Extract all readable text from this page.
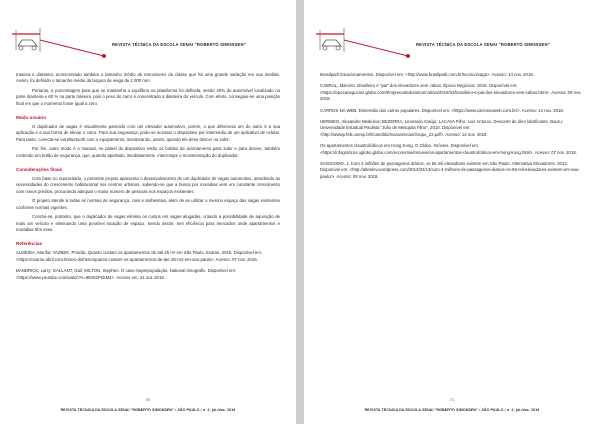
REVISTA TÉCNICA DA ESCOLA SENAI "ROBERTO SIMONSEN"

traseira e dianteira, acrescentado também o tamanho médio de retrovisores da classe que há uma grande variação em sua medida. Assim, foi definido o tamanho médio da largura de veiga de 2 000 mm.

Portanto, a porcentagem para que se mantenha o equilíbrio na plataforma foi definida, sendo 40% do automóvel localizado na parte dianteira e 60 % na parte traseira, pois o peso do carro é concentrado a dianteira do veículo. Com efeito, conseguiu-se uma posição final em que o momento fosse igual a zero.

Modo usuário

O duplicador de vagas é visualmente parecido com um elevador automotivo, porém, o que diferencia um do outro é a sua aplicação e a sua forma de elevar o carro. Para sua segurança, pode-se acessar o dispositivo por intermédio de um aplicativo de celular. Para tanto, conecta-se via Bluetooth com o equipamento, monitorando, assim, quando ele deve descer ou subir.

Por fim, outro modo é o manual, no painel do dispositivo estão os botões de acionamento para subir e para descer, também contendo um botão de segurança, que, quando apertado, imediatamente, interrompe o movimentação do duplicador.

Considerações finais

Com base no supracitado, o presente projeto apresenta o desenvolvimento de um duplicador de vagas automotivo, atendendo as necessidades do crescimento habitacional nos centros urbanos, sabendo-se que a busca por moradias vem em constante crescimento com novos prédios, procurando adequar o maior número de pessoas nos espaços existentes.

O projeto atende à todas as normas de segurança, civis e ambientais, além de se utilizar o mesmo espaço das vagas existentes conforme normas vigentes.

Conclui-se, portanto, que o duplicador de vagas elimina os custos em vagas alugadas, criando a possibilidade de aquisição de mais um veículo e eliminando uma possível locação de espaço. Sendo assim, tem eficiência para mercados onde apartamentos e moradias têm esse.

Referências

ALMEIDA, Marília; YAZBEK, Priscila. Quanto custam os apartamentos de até 25 m² em São Paulo. Exame. 2016. Disponível em: <https://exame.abril.com.br/seu-dinheiro/quanto-custam-os-apartamentos-de-ate-25-m2-em-sao-paulo>. Acesso: 07 nov. 2018.

BANDRICK, Larry; GALLANT, Gail; MILTON, Stephen. O caso-Superpopulação. National Geografic. Disponível em: <https://www.youtube.com/watch?v=85tr52FKkM4>. Acesso em: 24 out. 2018.

70
REVISTA TÉCNICA DA ESCOLA SENAI "ROBERTO SIMONSEN" • SÃO PAULO • n. 2, jul./dez. 2018
REVISTA TÉCNICA DA ESCOLA SENAI "ROBERTO SIMONSEN"

Brasilpark Estacionamentos. Disponível em: <http://www.brasilpark.com.br/tecnico/vaga>. Acesso: 14 nov. 2018.

CABRAL, Marcelo. Brasileiro é "pai" dos elevadores sem cabos. Época Negócios. 2016. Disponível em: <https://epocanegocios.globo.com/Empreendedorismo/noticia/2016/03/brasileiro-e-pai-dos-elevadores-sem-cabos.html>. Acesso: 09 nov. 2018.

CARROS NA WEB. Dimensão dos carros populares. Disponível em: <https://www.carrosnaweb.com.br/>. Acesso: 14 nov. 2018.

HERWEG, Alexandre Medeiros; BEZERRA, Leonardo Araújo; LACAVA Filho, Luiz Antonio. Descarte de óleo lubrificante. Bauru: Universidade Estadual Paulista "Júlio de Mesquita Filho", 2010. Disponível em: <http://wwwp.feb.unesp.br/l/candido/manutencao/Grupo_22.pdf>. Acesso: 14 nov. 2018.

Os apartamentos claustrofóbicos em Hong Kong. O Globo. Imóveis. Disponível em: <https://infograficos.oglobo.globo.com/economia/imoveis/os-apartamentos-claustrofobicos-em-hong-kong.html>. Acesso: 07 nov. 2018.

SAGGIOMO, J. Com 4 milhões de passageiros diários, os 55 mil elevadores existem em São Paulo. Alternativa Elevadores. 2013. Disponível em: <http://alteelev.wordpress.com/2013/03/13/com-4-milhoes-de-passageiros-diarios-os-55-mil-elevadores-existem-em-sao-paulo/>. Acesso: 09 nov. 2018.

71
REVISTA TÉCNICA DA ESCOLA SENAI "ROBERTO SIMONSEN" • SÃO PAULO • n. 2, jul./dez. 2018
